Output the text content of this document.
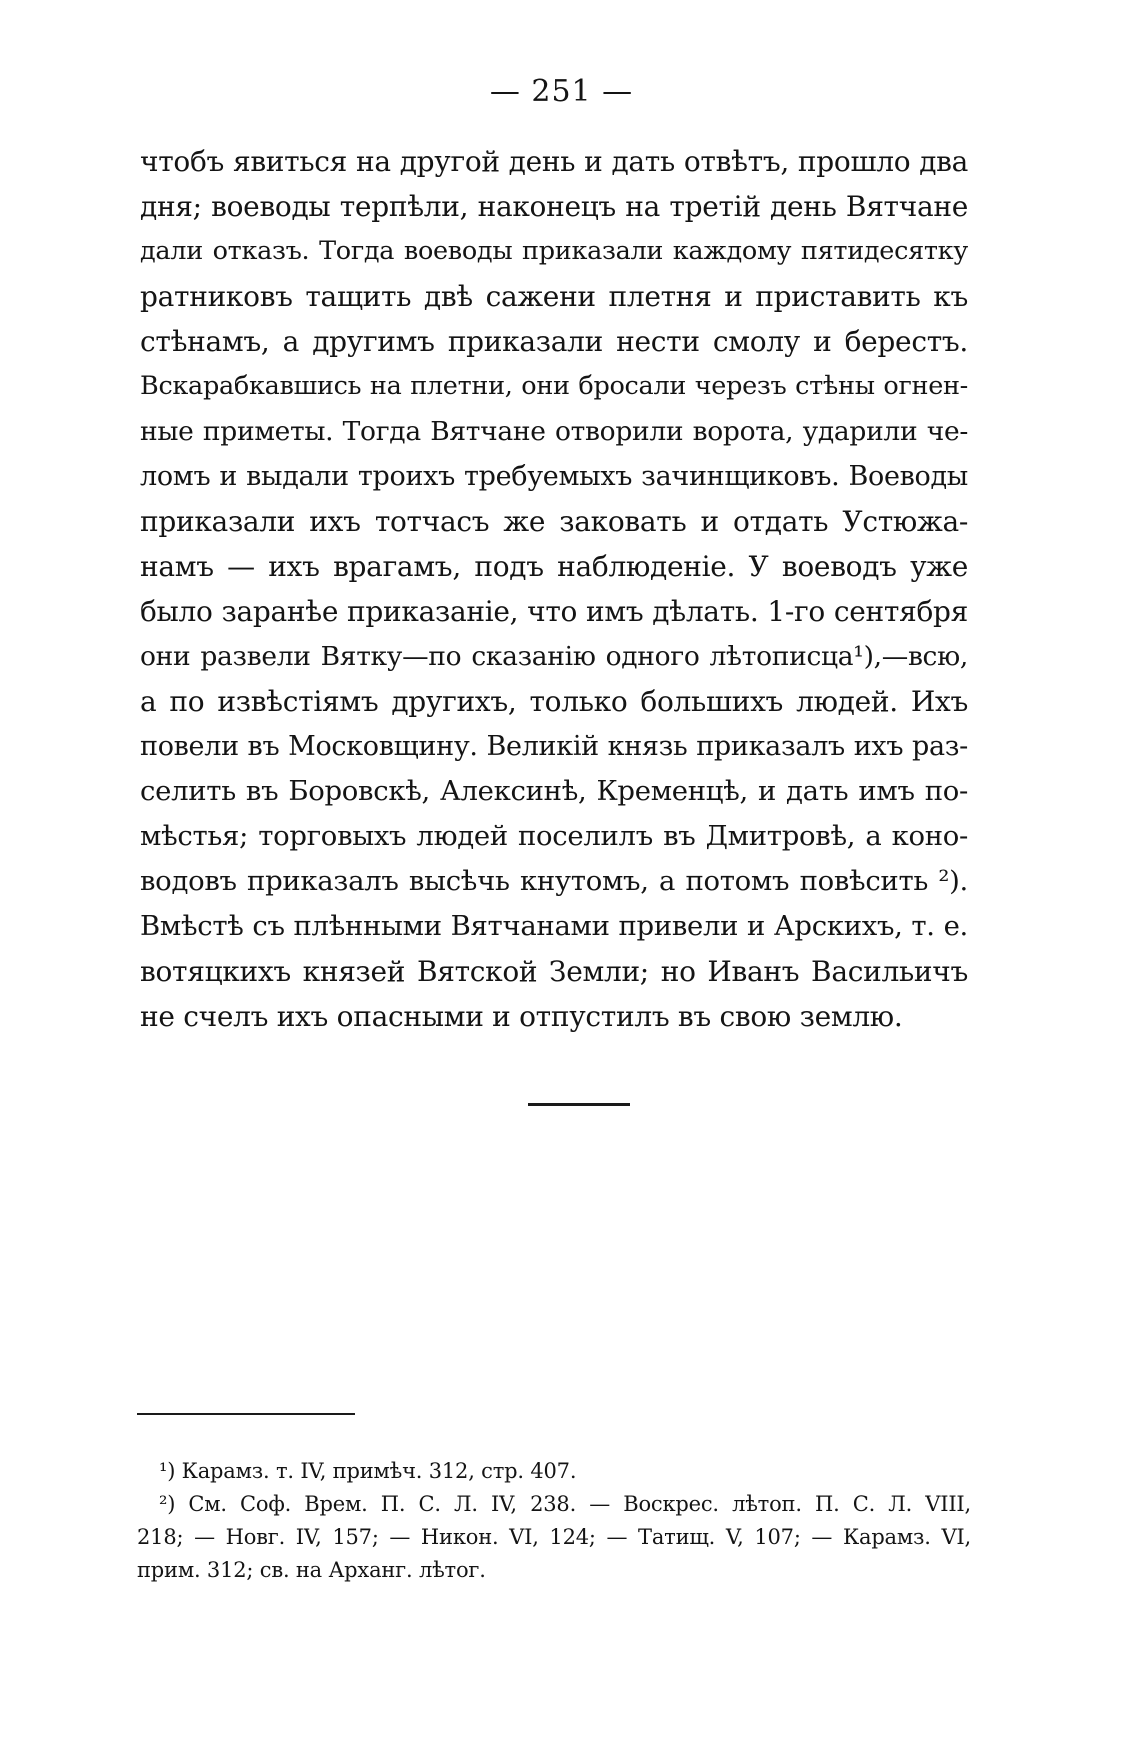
— 251 —
чтобъ явиться на другой день и дать отвѣтъ, прошло два
дня; воеводы терпѣли, наконецъ на третій день Вятчане
дали отказъ. Тогда воеводы приказали каждому пятидесятку
ратниковъ тащить двѣ сажени плетня и приставить къ
стѣнамъ, а другимъ приказали нести смолу и берестъ.
Вскарабкавшись на плетни, они бросали черезъ стѣны огнен-
ные приметы. Тогда Вятчане отворили ворота, ударили че-
ломъ и выдали троихъ требуемыхъ зачинщиковъ. Воеводы
приказали ихъ тотчасъ же заковать и отдать Устюжа-
намъ — ихъ врагамъ, подъ наблюденіе. У воеводъ уже
было заранѣе приказаніе, что имъ дѣлать. 1-го сентября
они развели Вятку—по сказанію одного лѣтописца¹),—всю,
а по извѣстіямъ другихъ, только большихъ людей. Ихъ
повели въ Московщину. Великій князь приказалъ ихъ раз-
селить въ Боровскѣ, Алексинѣ, Кременцѣ, и дать имъ по-
мѣстья; торговыхъ людей поселилъ въ Дмитровѣ, а коно-
водовъ приказалъ высѣчь кнутомъ, а потомъ повѣсить ²).
Вмѣстѣ съ плѣнными Вятчанами привели и Арскихъ, т. е.
вотяцкихъ князей Вятской Земли; но Иванъ Васильичъ
не счелъ ихъ опасными и отпустилъ въ свою землю.
¹) Карамз. т. IV, примѣч. 312, стр. 407.
²) См. Соф. Врем. П. С. Л. IV, 238. — Воскрес. лѣтоп. П. С. Л. VIII,
218; — Новг. IV, 157; — Никон. VI, 124; — Татищ. V, 107; — Карамз. VI,
прим. 312; св. на Арханг. лѣтог.
